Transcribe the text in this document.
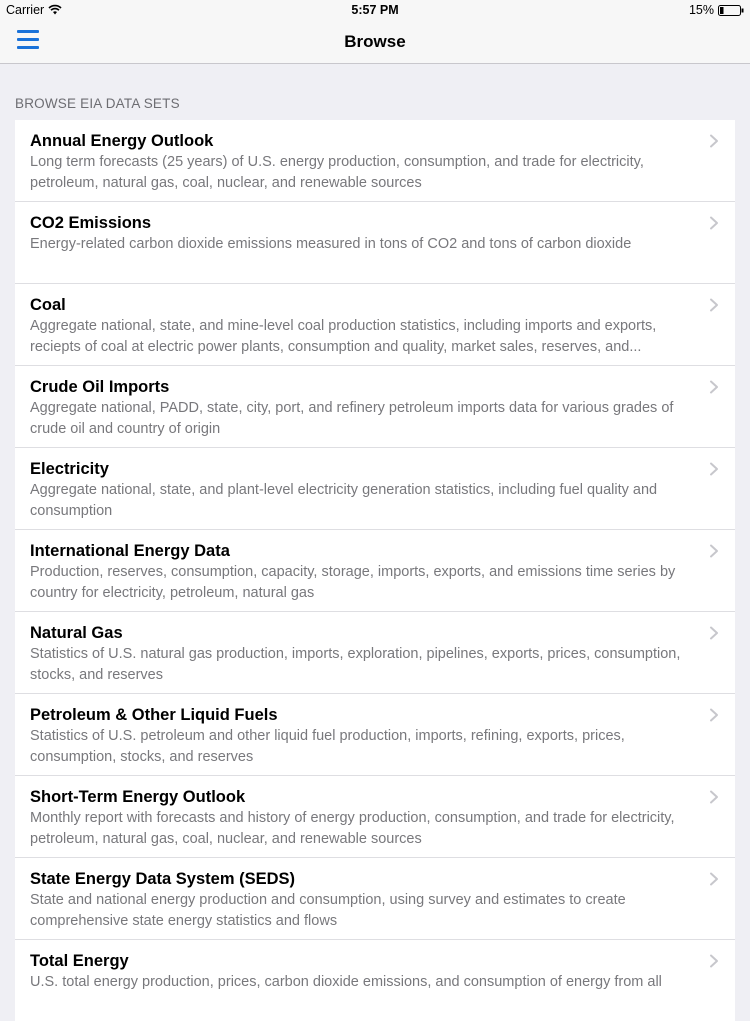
Carrier	5:57 PM	15%
Browse
BROWSE EIA DATA SETS
Annual Energy Outlook
Long term forecasts (25 years) of U.S. energy production, consumption, and trade for electricity, petroleum, natural gas, coal, nuclear, and renewable sources
CO2 Emissions
Energy-related carbon dioxide emissions measured in tons of CO2 and tons of carbon dioxide
Coal
Aggregate national, state, and mine-level coal production statistics, including imports and exports, reciepts of coal at electric power plants, consumption and quality, market sales, reserves, and...
Crude Oil Imports
Aggregate national, PADD, state, city, port, and refinery petroleum imports data for various grades of crude oil and country of origin
Electricity
Aggregate national, state, and plant-level electricity generation statistics, including fuel quality and consumption
International Energy Data
Production, reserves, consumption, capacity, storage, imports, exports, and emissions time series by country for electricity, petroleum, natural gas
Natural Gas
Statistics of U.S. natural gas production, imports, exploration, pipelines, exports, prices, consumption, stocks, and reserves
Petroleum & Other Liquid Fuels
Statistics of U.S. petroleum and other liquid fuel production, imports, refining, exports, prices, consumption, stocks, and reserves
Short-Term Energy Outlook
Monthly report with forecasts and history of energy production, consumption, and trade for electricity, petroleum, natural gas, coal, nuclear, and renewable sources
State Energy Data System (SEDS)
State and national energy production and consumption, using survey and estimates to create comprehensive state energy statistics and flows
Total Energy
U.S. total energy production, prices, carbon dioxide emissions, and consumption of energy from all
